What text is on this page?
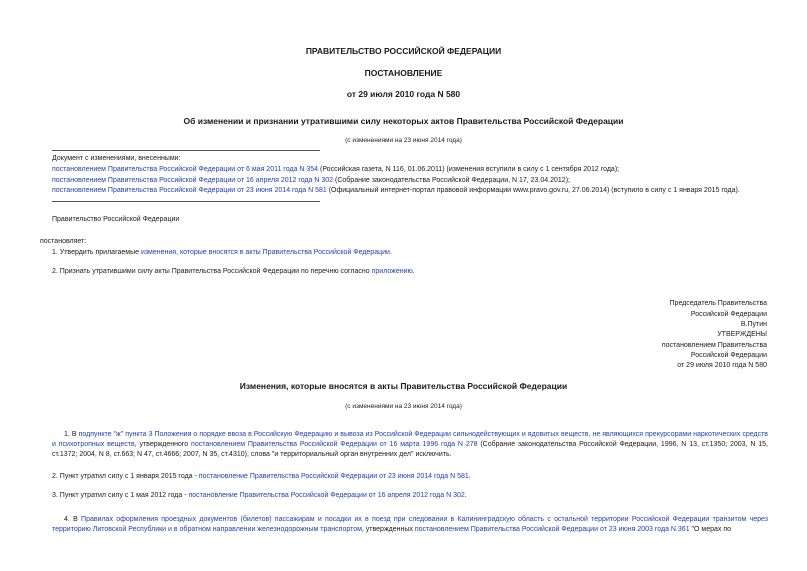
ПРАВИТЕЛЬСТВО РОССИЙСКОЙ ФЕДЕРАЦИИ
ПОСТАНОВЛЕНИЕ
от 29 июля 2010 года N 580
Об изменении и признании утратившими силу некоторых актов Правительства Российской Федерации
(с изменениями на 23 июня 2014 года)
Документ с изменениями, внесенными:
постановлением Правительства Российской Федерации от 6 мая 2011 года N 354 (Российская газета, N 116, 01.06.2011) (изменения вступили в силу с 1 сентября 2012 года);
постановлением Правительства Российской Федерации от 16 апреля 2012 года N 302 (Собрание законодательства Российской Федерации, N 17, 23.04.2012);
постановлением Правительства Российской Федерации от 23 июня 2014 года N 581 (Официальный интернет-портал правовой информации www.pravo.gov.ru, 27.06.2014) (вступило в силу с 1 января 2015 года).
Правительство Российской Федерации
постановляет:
1. Утвердить прилагаемые изменения, которые вносятся в акты Правительства Российской Федерации.
2. Признать утратившими силу акты Правительства Российской Федерации по перечню согласно приложению.
Председатель Правительства
Российской Федерации
В.Путин
УТВЕРЖДЕНЫ
постановлением Правительства
Российской Федерации
от 29 июля 2010 года N 580
Изменения, которые вносятся в акты Правительства Российской Федерации
(с изменениями на 23 июня 2014 года)
1. В подпункте "ж" пункта 3 Положения о порядке ввоза в Российскую Федерацию и вывоза из Российской Федерации сильнодействующих и ядовитых веществ, не являющихся прекурсорами наркотических средств и психотропных веществ, утвержденного постановлением Правительства Российской Федерации от 16 марта 1996 года N 278 (Собрание законодательства Российской Федерации, 1996, N 13, ст.1350; 2003, N 15, ст.1372; 2004, N 8, ст.663; N 47, ст.4666; 2007, N 35, ст.4310), слова "и территориальный орган внутренних дел" исключить.
2. Пункт утратил силу с 1 января 2015 года - постановление Правительства Российской Федерации от 23 июня 2014 года N 581.
3. Пункт утратил силу с 1 мая 2012 года - постановление Правительства Российской Федерации от 16 апреля 2012 года N 302.
4. В Правилах оформления проездных документов (билетов) пассажирам и посадки их в поезд при следовании в Калининградскую область с остальной территории Российской Федерации транзитом через территорию Литовской Республики и в обратном направлении железнодорожным транспортом, утвержденных постановлением Правительства Российской Федерации от 23 июня 2003 года N 361 "О мерах по
